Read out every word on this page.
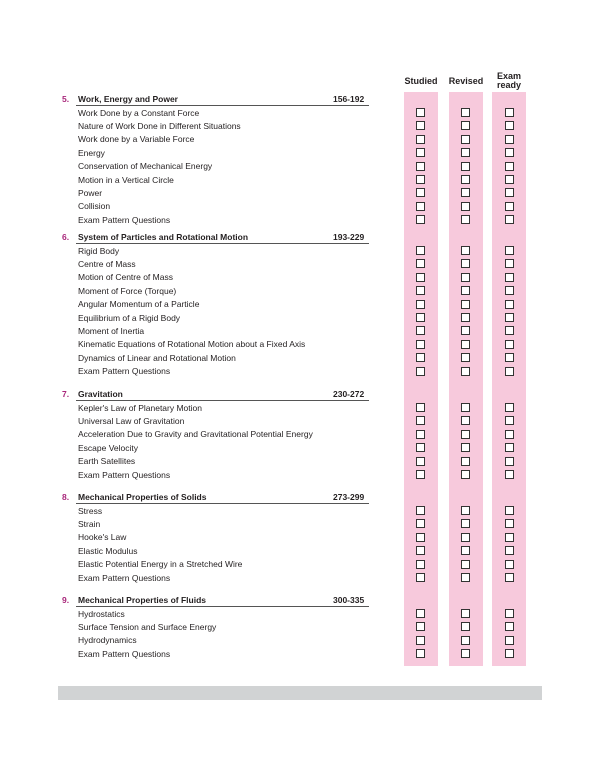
Studied	Revised	Exam
ready
5. Work, Energy and Power	156-192
Work Done by a Constant Force
Nature of Work Done in Different Situations
Work done by a Variable Force
Energy
Conservation of Mechanical Energy
Motion in a Vertical Circle
Power
Collision
Exam Pattern Questions
6. System of Particles and Rotational Motion	193-229
Rigid Body
Centre of Mass
Motion of Centre of Mass
Moment of Force (Torque)
Angular Momentum of a Particle
Equilibrium of a Rigid Body
Moment of Inertia
Kinematic Equations of Rotational Motion about a Fixed Axis
Dynamics of Linear and Rotational Motion
Exam Pattern Questions
7. Gravitation	230-272
Kepler's Law of Planetary Motion
Universal Law of Gravitation
Acceleration Due to Gravity and Gravitational Potential Energy
Escape Velocity
Earth Satellites
Exam Pattern Questions
8. Mechanical Properties of Solids	273-299
Stress
Strain
Hooke's Law
Elastic Modulus
Elastic Potential Energy in a Stretched Wire
Exam Pattern Questions
9. Mechanical Properties of Fluids	300-335
Hydrostatics
Surface Tension and Surface Energy
Hydrodynamics
Exam Pattern Questions
